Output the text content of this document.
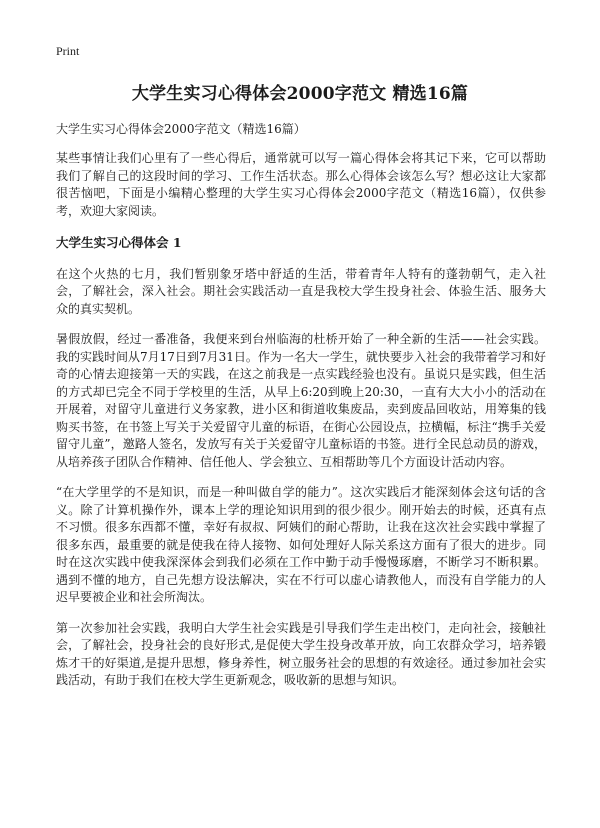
Print
大学生实习心得体会2000字范文 精选16篇

大学生实习心得体会2000字范文（精选16篇）

某些事情让我们心里有了一些心得后，通常就可以写一篇心得体会将其记下来，它可以帮助我们了解自己的这段时间的学习、工作生活状态。那么心得体会该怎么写？想必这让大家都很苦恼吧，下面是小编精心整理的大学生实习心得体会2000字范文（精选16篇），仅供参考，欢迎大家阅读。

大学生实习心得体会 1

在这个火热的七月，我们暂别象牙塔中舒适的生活，带着青年人特有的蓬勃朝气，走入社会，了解社会，深入社会。期社会实践活动一直是我校大学生投身社会、体验生活、服务大众的真实契机。

暑假放假，经过一番准备，我便来到台州临海的杜桥开始了一种全新的生活——社会实践。我的实践时间从7月17日到7月31日。作为一名大一学生，就快要步入社会的我带着学习和好奇的心情去迎接第一天的实践，在这之前我是一点实践经验也没有。虽说只是实践，但生活的方式却已完全不同于学校里的生活，从早上6:20到晚上20:30，一直有大大小小的活动在开展着，对留守儿童进行义务家教，进小区和街道收集废品，卖到废品回收站，用筹集的钱购买书签，在书签上写关于关爱留守儿童的标语，在街心公园设点，拉横幅，标注“携手关爱留守儿童”，邀路人签名，发放写有关于关爱留守儿童标语的书签。进行全民总动员的游戏，从培养孩子团队合作精神、信任他人、学会独立、互相帮助等几个方面设计活动内容。

“在大学里学的不是知识，而是一种叫做自学的能力”。这次实践后才能深刻体会这句话的含义。除了计算机操作外，课本上学的理论知识用到的很少很少。刚开始去的时候，还真有点不习惯。很多东西都不懂，幸好有叔叔、阿姨们的耐心帮助，让我在这次社会实践中掌握了很多东西，最重要的就是使我在待人接物、如何处理好人际关系这方面有了很大的进步。同时在这次实践中使我深深体会到我们必须在工作中勤于动手慢慢琢磨，不断学习不断积累。遇到不懂的地方，自己先想方设法解决，实在不行可以虚心请教他人，而没有自学能力的人迟早要被企业和社会所淘汰。

第一次参加社会实践，我明白大学生社会实践是引导我们学生走出校门，走向社会，接触社会，了解社会，投身社会的良好形式,是促使大学生投身改革开放，向工农群众学习，培养锻炼才干的好渠道,是提升思想，修身养性，树立服务社会的思想的有效途径。通过参加社会实践活动，有助于我们在校大学生更新观念，吸收新的思想与知识。
